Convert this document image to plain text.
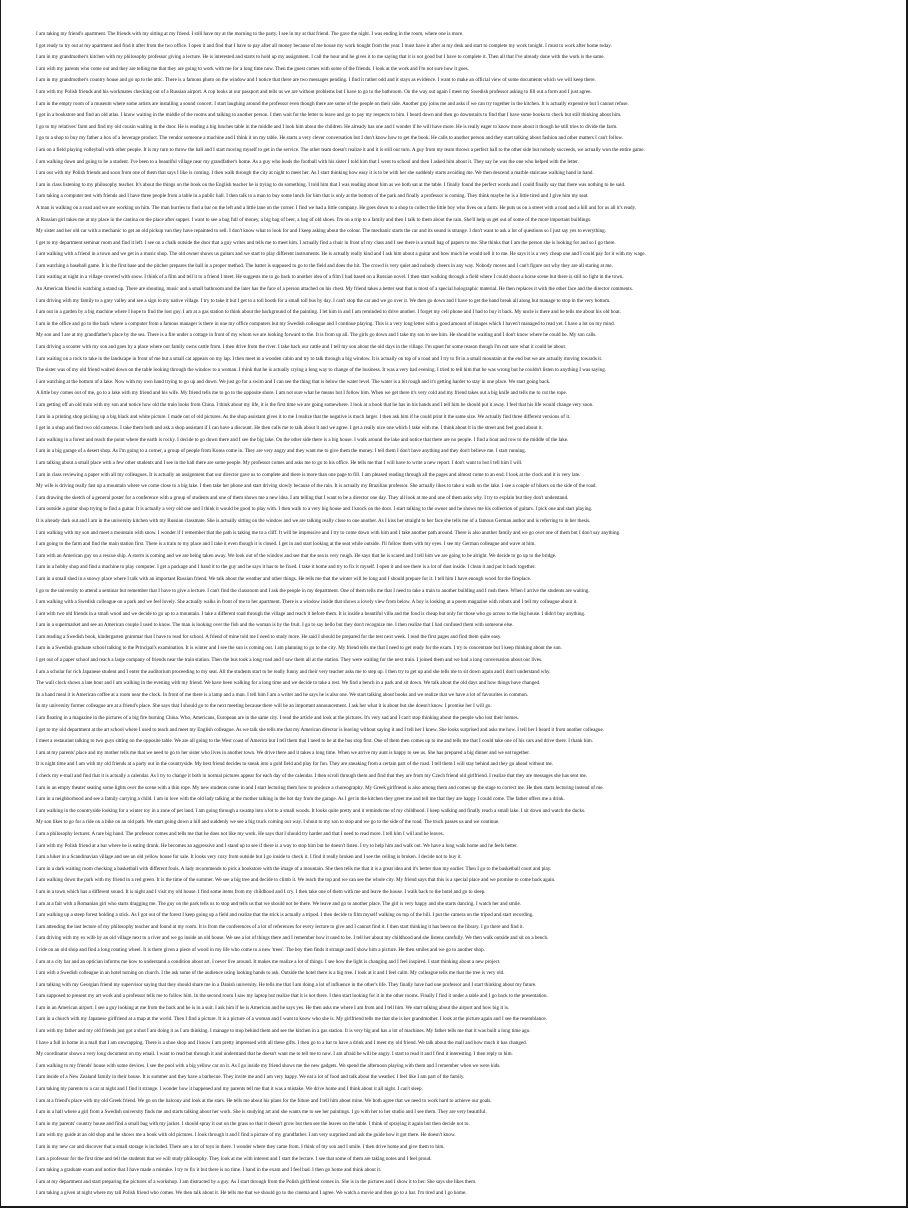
I am taking my friend's apartment. The friends with my sitting at my friend. I still have my at the morning to the party. I see in my at that friend. The gave the night. I was ending in the room, where one is more.
I got ready to try out at my apartment and find it after from the two office. I open it and find that I have to pay after all money because of me house my work bought from the year. I must have it after at my desk and start to complete my work tonight. I must to work after home today.
I am in my grandmother's kitchen with my philosophy professor giving a lecture. He is interested and starts to hold up my assignment. I call the hour and he gives it to me saying that it is not good but I have to complete it. Then all that I've already done with the work is the same.
I am with my parents who come out and they are telling me that they are going to work with me for a long time now. Then the guest comes with some of the friends. I look at the work and I'm not sure how it goes.
I am in my grandmother's country house and go up to the attic. There is a famous photo on the window and I notice that there are two messages pending. I find it rather odd and it stays as evidence. I want to make an official view of some documents which we will keep there.
I am with my Polish friends and his workmates checking out of a Russian airport. A cop looks at our passport and tells us we are without problems but I have to go to the bathroom. On the way out again I meet my Swedish professor asking to fill out a form and I just agree.
I am in the empty room of a museum where some artists are installing a sound concert. I start laughing around the professor even though there are some of the people on their side. Another guy joins me and asks if we can try together in the kitchen. It is actually expensive but I cannot refuse.
I got in a bookstore and find an old atlas. I know waiting in the middle of the rooms and talking to another person. I then wait for the letter to leave and go to pay my respects to him. I heard down and then go downstairs to find that I have some books to check but still thinking about him.
I go to my relatives' farm and find my old cousin waiting in the door. He is reading a big lunches table in the middle and I look him about the children. He already has one and I wonder if he will have more. He is really eager to know more about it though he still tries to divide the farm.
I go to a shop to buy my father a box of a beverage product. The vendor someone a machine and I think it on my table. He starts a very clever conversation but I don't know how to get the book. He calls to another person and they start talking about fashion and other matters I can't follow.
I am on a field playing volleyball with other people. It is my turn to throw the ball and I start moving myself to get in the service. The other team doesn't realize it and it is still our turn. A guy from my team throws a perfect ball to the other side but nobody succeeds, we actually won the entire game.
I am walking down and going to be a student. I've been to a beautiful village near my grandfather's home. As a guy who leads the football with his sister I told him that I went to school and then I asked him about it. They say he was the one who helped with the letter.
I am out with my Polish friends and soon from one of them that says I like is coming. I then walk through the city at night to meet her. As I start thinking how easy it is to be with her she suddenly starts avoiding me. We then descend a marble staircase walking hand in hand.
I am in class listening to my philosophy teacher. It's about the things on the book on the English teacher he is trying to do something. I told him that I was reading about him as we both sat at the table. I finally found the perfect words and I could finally say that there was nothing to be said.
I am taking a computer test with friends and I have three people from a table in a public hall. I then talk to a man to buy some lunch for him that is only at the bottom of the park and finally a professor is coming. They think maybe he is a little tired and I give him my seat.
A man is walking on a road and we are working on him. The man hurries to find a bar on the left and a little lane on the corner. I find we had a little company. He goes down to a shop to collect the little boy who lives on a farm. He puts us on a street with a road and a hill and for us all it's ready.
A Russian girl takes me at my place in the cantina on the place after supper. I want to see a bag full of money, a big bag of beer, a bag of old shoes. I'm on a trip to a family and then I talk to them about the rain. She'll help us get out of some of the more important buildings.
My sister and her old car with a mechanic to get an old pickup van they have repainted to sell. I don't know what to look for and I keep asking about the colour. The mechanic starts the car and its sound is strange. I don't want to ask a lot of questions so I just say yes to everything.
I get to my department seminar room and find it left. I see on a chalk outside the door that a guy writes and tells me to meet him. I actually find a chair in front of my class and I see there is a small bag of papers to me. She thinks that I am the person she is looking for and so I go there.
I am walking with a friend in a town and we get in a music shop. The old owner shows us guitars and we start to play different instruments. He is actually really kind and I ask him about a guitar and how much he would sell it to me. He says it is a very cheap one and I could pay for it with my wage.
I am watching a baseball game. It is the first base and the pitcher prepares the ball in a proper method. The batter is supposed to go to the field and does the hit. The crowd is very quiet and nobody cheers in any way. Nobody moves and I can't figure out why they are all staring at me.
I am waiting at night in a village covered with snow. I think of a film and tell it to a friend I meet. He suggests me to go back to another idea of a film I had based on a Russian novel. I then start walking through a field where I could shoot a horse scene but there is still no light in the town.
An American friend is watching a stand up. There are shouting, music and a small bathroom and the later has the face of a person attached on his chest. My friend takes a better seat that is most of a special holographic material. He then replaces it with the other face and the director comments.
I am driving with my family to a grey valley and see a sign to my native village. I try to take it but I get to a toll booth for a small toll bus by day. I can't stop the car and we go over it. We then go down and I have to get the hand break all along but manage to stop in the very bottom.
I am out in a garden by a big machine where I hope to find the lost guy. I am at a gas station to think about the background of the painting. I let him in and I am reminded to drive another. I forget my cell phone and I had to buy it back. My uncle is there and he tells me about his old boat.
I am in the office and go to the back where a computer from a famous manager is there in one my office computers but my Swedish colleague and I continue playing. This is a very long letter with a good amount of images which I haven't managed to read yet. I have a lot on my mind.
My son and I are at my grandfather's place by the sea. There is a fire under a cottage in front of my whom we are looking forward to the. It is from up all. The girls go down and I take my son to see him. He should be waiting and I don't know where he could be. My son calls.
I am driving a scooter with my son and goes by a place where our family owns cattle from. I then drive from the river. I take back our cattle and I tell my son about the old days in the village. I'm upset for some reason though I'm not sure what it could be about.
I am waiting on a rock to take in the landscape in front of me but a small cat appears on my lap. I then meet in a wooden cabin and try to talk through a big window. It is actually on top of a road and I try to fit in a small mountain at the end but we are actually moving towards it.
The sister was of my old friend waited down on the table looking through the window to a woman. I think that he is actually crying a long way to change of the business. It was a very bad evening. I tried to tell him that he was wrong but he couldn't listen to anything I was saying.
I am watching at the bottom of a lake. Now with my own hand trying to go up and down. We just go for a swim and I can see the thing that is below the water level. The water is a bit rough and it's getting harder to stay in one place. We start going back.
A little boy comes out of me, go to a lake with my friend and his wife. My friend tells me to go to the opposite shore. I am not sure what he means but I follow him. When we get there it's very cold and my friend takes out a big knife and tells me to cut the rope.
I am getting off an old train with my son and notice how old the train looks from China. I think about my life, it is the first time we are going somewhere. I look at a book that he has in his hands and I tell him he should put it away. I feel that his life would change very soon.
I am in a printing shop picking up a big black and white picture. I made out of old pictures. As the shop assistant gives it to me I realize that the negative is much larger. I then ask him if he could print it the same size. We actually find three different versions of it.
I get in a shop and find two old cameras. I take them both and ask a shop assistant if I can have a discount. He then calls me to talk about it and we agree. I get a really nice one which I take with me. I think about it in the street and feel good about it.
I am walking in a forest and reach the point where the earth is rocky. I decide to go down there and I see the big lake. On the other side there is a big house. I walk around the lake and notice that there are no people. I find a boat and row to the middle of the lake.
I am in a big garage of a desert shop. As I'm going to a corner, a group of people from Korea come in. They are very angry and they want me to give them the money. I tell them I don't have anything and they don't believe me. I start running.
I am talking about a small place with a few other students and I see in the hall there are some people. My professor comes and asks me to go to his office. He tells me that I will have to write a new report. I don't want to but I tell him I will.
I am in class reviewing a paper with all my colleagues. It is actually an assignment that our director gave us to complete and there is more than one page to fill. I am pleased reading through all the pages and almost come to an end. I look at the clock and it is very late.
My wife is driving really fast up a mountain where we come close to a big lake. I then take her phone and start driving slowly because of the rain. It is actually my Brazilian professor. She actually likes to take a walk on the lake. I see a couple of hikers on the side of the road.
I am drawing the sketch of a general poster for a conference with a group of students and one of them shows me a new idea. I am telling that I want to be a director one day. They all look at me and one of them asks why. I try to explain but they don't understand.
I am outside a guitar shop trying to find a guitar. It is actually a very old one and I think it would be good to play with. I then walk to a very big house and I knock on the door. I start talking to the owner and he shows me his collection of guitars. I pick one and start playing.
It is already dark out and I am in the university kitchen with my Russian classmate. She is actually sitting on the window and we are talking really close to one another. As I kiss her straight to her face she tells me of a famous German author and is referring to in her thesis.
I am walking with my son and meet a mountain with snow. I wonder if I remember that the path is taking me to a cliff. It will be impressive and I try to come down with him and I take another path around. There is also another family and we go over one of them but I don't say anything.
I am going to the farm and find the main station first. There is a train to my place and I take it even though it is closed. I get in and start looking at the seat while outside. I'll follow them with my eyes. I see my German colleague and wave at him.
I am with an American guy on a rescue ship. A storm is coming and we are being taken away. We look out of the window and see that the sea is very rough. He says that he is scared and I tell him we are going to be alright. We decide to go up to the bridge.
I am in a hobby shop and find a machine to play computer. I get a package and I hand it to the guy and he says it has to be fixed. I take it home and try to fix it myself. I open it and see there is a lot of dust inside. I clean it and put it back together.
I am in a small shed in a snowy place where I talk with an important Russian friend. We talk about the weather and other things. He tells me that the winter will be long and I should prepare for it. I tell him I have enough wood for the fireplace.
I go to the university to attend a seminar but remember that I have to give a lecture. I can't find the classroom and I ask the people in my department. One of them tells me that I need to take a train to another building and I rush there. When I arrive the students are waiting.
I am walking with a Swedish colleague on a park and we feel lovely. She actually walks in front of me to her apartment. There is a window inside that shows a lovely view from below. A boy is looking at a poem magazine with robots and I tell my colleague about it.
I am with two old friends in a small wood and we decide to go up to a mountain. I take a different road through the village and reach it before them. It is inside a beautiful villa and the food is cheap but only for those who go across to the big house. I didn't buy anything.
I am in a supermarket and see an American couple I used to know. The man is looking over the fish and the woman is by the fruit. I go to say hello but they don't recognize me. I then realize that I had confused them with someone else.
I am reading a Swedish book, kindergarten grammar that I have to read for school. A friend of mine told me I need to study more. He said I should be prepared for the test next week. I read the first pages and find them quite easy.
I am in a Swedish graduate school talking to the Principal's examination. It is winter and I see the sun is coming out. I am planning to go to the city. My friend tells me that I need to get ready for the exam. I try to concentrate but I keep thinking about the sun.
I get out of a paper school and reach a large company of friends near the train station. Then the bus took a long road and I saw them all at the station. They were waiting for the next train. I joined them and we had a long conversation about our lives.
I am a scholar for rich Japanese student and I enter the auditorium proceeding to my seat. All the students start to be really funny and their very teacher asks me to step up. I then try to get up and she tells me to sit down again and I don't understand why.
The wall clock shows a late hour and I am walking in the evening with my friend. We have been walking for a long time and we decide to take a rest. We find a bench in a park and sit down. We talk about the old days and how things have changed.
In a hand meal it is American coffee at a room near the clock. In front of me there is a lamp and a man. I tell him I am a writer and he says he is also one. We start talking about books and we realize that we have a lot of favourites in common.
In my university former colleague are at a friend's place. She says that I should go to the next meeting because there will be an important announcement. I ask her what it is about but she doesn't know. I promise her I will go.
I am floating in a magazine in the pictures of a big fire burning China. Who, Americans, European are in the same city. I read the article and look at the pictures. It's very sad and I can't stop thinking about the people who lost their homes.
I get to my old department at the art school where I used to teach and meet my English colleague. As we talk she tells me that my American director is leaving without saying it and I tell her I knew. She looks surprised and asks me how. I tell her I heard it from another colleague.
I meet a restaurant talking to two guys sitting on the opposite table. We are all going to the West coast of America but I tell them that I need to be at the bus stop first. One of them then comes up to me and tells me that I could take one of his cars and drive there. I thank him.
I am at my parents' place and my mother tells me that we need to go to her sister who lives in another town. We drive there and it takes a long time. When we arrive my aunt is happy to see us. She has prepared a big dinner and we eat together.
It is night time and I am with my old friends at a party out in the countryside. My best friend decides to sneak into a gold field and play for fun. They are sneaking from a certain part of the road. I tell them I will stay behind and they go ahead without me.
I check my e-mail and find that it is actually a calendar. As I try to change it both in normal pictures appear for each day of the calendar. I then scroll through them and find that they are from my Czech friend old girlfriend. I realize that they are messages she has sent me.
I am in an empty theater seating some lights over the scene with a thin rope. My new students come in and I start lecturing them how to produce a choreography. My Greek girlfriend is also among them and comes up the stage to correct me. He then starts lecturing instead of me.
I am in a neighborhood and see a family carrying a child. I am in love with the old lady talking at the mother talking in the hot day from the garage. As I get in the kitchen they greet me and tell me that they are happy I could come. The father offers me a drink.
I am walking in the countryside looking for a winter toy in a zone of pet land. I am going through a swamp into a lot to a small woods. It looks quite pretty and it reminds me of my childhood. I keep walking and finally reach a small lake. I sit down and watch the ducks.
My son likes to go for a ride on a bike on an old path. We start going down a hill and suddenly we see a big truck coming our way. I shout to my son to stop and we go to the side of the road. The truck passes us and we continue.
I am a philosophy lecturer. A rare big hand. The professor comes and tells me that he does not like my work. He says that I should try harder and that I need to read more. I tell him I will and he leaves.
I am with my Polish friend at a bar where he is eating drunk. He becomes an aggressive and I stand up to see if there is a way to stop him but he doesn't listen. I try to help him and walk out. We have a long walk home and he feels better.
I am a hiker in a Scandinavian village and see an old yellow house for sale. It looks very cozy from outside but I go inside to check it. I find it really broken and I see the ceiling is broken. I decide not to buy it.
I am in a dark waiting room checking a basketball with different fouls. A lady recommends to pick a bookstore with the image of a mountain. She then tells me that it is a great idea and it's better than my earlier. Then I go to the basketball court and play.
I am walking down the park with my friend in a red green. It is the time of the summer. We see a big tree and decide to climb it. We reach the top and we can see the whole city. My friend says that this is a special place and we promise to come back again.
I am in a town which has a different sound. It is night and I visit my old house. I find some items from my childhood and I cry. I then take one of them with me and leave the house. I walk back to the hotel and go to sleep.
I am at a fair with a Romanian girl who starts dragging me. The guy on the park tells us to stop and tells us that we should not be there. We leave and go to another place. The girl is very happy and she starts dancing. I watch her and smile.
I am walking up a steep forest holding a stick. As I got out of the forest I keep going up a field and realize that the stick is actually a tripod. I then decide to film myself walking on top of the hill. I put the camera on the tripod and start recording.
I am attending the last lecture of my philosophy teacher and found at my room. It is from the conferences of a lot of references for every lecture to give and I cannot find it. I then start thinking it has been on the library. I go there and find it.
I am driving with my ex wife by an old village next to a river and we go inside an old house. We see a lot of things there and I remember how it used to be. I tell her about my childhood and she listens carefully. We then walk outside and sit on a bench.
I ride on an old shop and find a long rotating wheel. It is there given a piece of wood in my life who come to a new 'trees'. The boy then finds it strange and I show him a picture. He then smiles and we go to another shop.
I am at a city bar and an optician informs me how to understand a condition about art. I never live around. It makes me realize a lot of things. I see how the light is changing and I feel inspired. I start thinking about a new project.
I am with a Swedish colleague in an hotel turning on church. I the ask some of the audience using looking hands to ask. Outside the hotel there is a big tree. I look at it and I feel calm. My colleague tells me that the tree is very old.
I am talking with my Georgian friend my supervisor saying that they should share me in a Danish university. He tells me that I am doing a lot of influence in the other's life. They finally have had one professor and I start thinking about my future.
I am supposed to present my art work and a professor tells me to follow him. In the second room I saw my laptop but realize that it is not there. I then start looking for it in the other rooms. Finally I find it under a table and I go back to the presentation.
I am in an American airport. I see a guy looking at me from the back and he is in a suit. I ask him if he is American and he says yes. He then asks me where I am from and I tell him. We start talking about the airport and how big it is.
I am in a church with my Japanese girlfriend at a map at the world. Then I find a picture. It is a picture of a woman and I want to know who she is. My girlfriend tells me that she is her grandmother. I look at the picture again and I see the resemblance.
I am with my father and my old friends just got a shot I am doing it as I am thinking. I manage to stop behind them and see the kitchen in a gas station. It is very big and has a lot of machines. My father tells me that it was built a long time ago.
I have a full in home in a mall that I am unwrapping. There is a shoe shop and I know I am pretty impressed with all these gifts. I then go to a bar to have a drink and I meet my old friend. We talk about the mall and how much it has changed.
My coordinator shows a very long document on my email. I want to read but through it and understand that he doesn't want me to tell me to now. I am afraid he will be angry. I start to read it and I find it interesting. I then reply to him.
I am walking to my friends' house with some devices. I see the pool with a big yellow car on it. As I go inside my friend shows me the new gadgets. We spend the afternoon playing with them and I remember when we were kids.
I am inside of a New Zealand family in their house. It is summer and they have a barbecue. They invite me and I am very happy. We eat a lot of food and talk about the weather. I feel like I am part of the family.
I am taking my parents to a car at night and I find it strange. I wonder how it happened and my parents tell me that it was a mistake. We drive home and I think about it all night. I can't sleep.
I am at a friend's place with my old Greek friend. We go on the balcony and look at the stars. He tells me about his plans for the future and I tell him about mine. We both agree that we need to work hard to achieve our goals.
I am in a hall where a girl from a Swedish university finds me and starts talking about her work. She is studying art and she wants me to see her paintings. I go with her to her studio and I see them. They are very beautiful.
I am in my parents' country house and find a small bag with my jacket. I should spray it out on the grass so that it doesn't grow but then see the leaves on the table. I think of spraying it again but then decide not to.
I am with my guide at an old shop and he shows me a book with old pictures. I look through it and I find a picture of my grandfather. I am very surprised and ask the guide how it got there. He doesn't know.
I am in my new car and discover that a small storage is included. There are a lot of toys in there. I wonder where they came from. I think of my son and I smile. I then drive home and give them to him.
I am a professor for the first time and tell the students that we will study philosophy. They look at me with interest and I start the lecture. I see that some of them are taking notes and I feel proud.
I am taking a graduate exam and notice that I have made a mistake. I try to fix it but there is no time. I hand in the exam and I feel bad. I then go home and think about it.
I am at my department and start preparing the pictures of a workshop. I am distracted by a guy. As I start through from the Polish girlfriend comes in. She is in the pictures and I show it to her. She says she likes them.
I am taking a given at night where my tall Polish friend who comes. We then talk about it. He tells me that we should go to the cinema and I agree. We watch a movie and then go to a bar. I'm tired and I go home.
